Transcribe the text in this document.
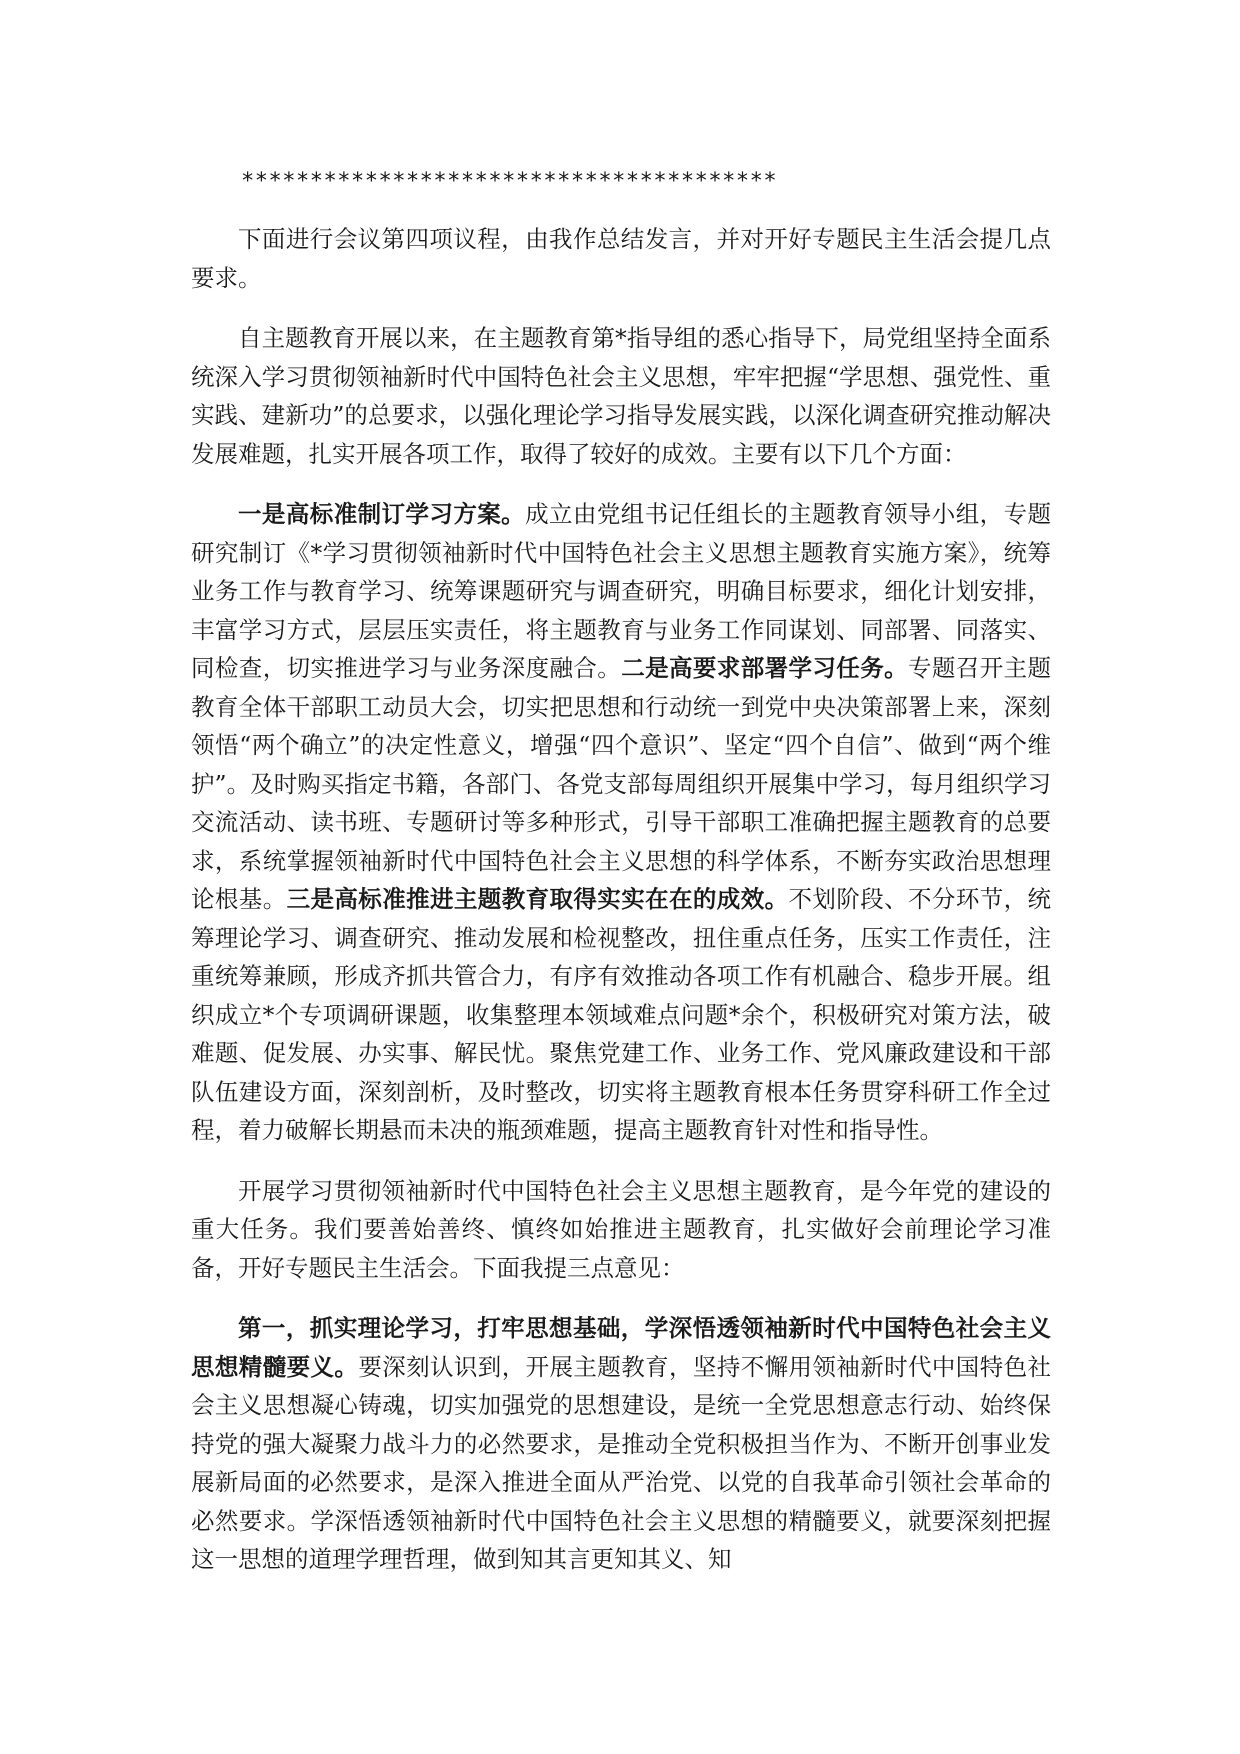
***************************************

下面进行会议第四项议程，由我作总结发言，并对开好专题民主生活会提几点要求。

自主题教育开展以来，在主题教育第*指导组的悉心指导下，局党组坚持全面系统深入学习贯彻领袖新时代中国特色社会主义思想，牢牢把握“学思想、强党性、重实践、建新功”的总要求，以强化理论学习指导发展实践，以深化调查研究推动解决发展难题，扎实开展各项工作，取得了较好的成效。主要有以下几个方面：

一是高标准制订学习方案。成立由党组书记任组长的主题教育领导小组，专题研究制订《*学习贯彻领袖新时代中国特色社会主义思想主题教育实施方案》，统筹业务工作与教育学习、统筹课题研究与调查研究，明确目标要求，细化计划安排，丰富学习方式，层层压实责任，将主题教育与业务工作同谋划、同部署、同落实、同检查，切实推进学习与业务深度融合。二是高要求部署学习任务。专题召开主题教育全体干部职工动员大会，切实把思想和行动统一到党中央决策部署上来，深刻领悟“两个确立”的决定性意义，增强“四个意识”、坚定“四个自信”、做到“两个维护”。及时购买指定书籍，各部门、各党支部每周组织开展集中学习，每月组织学习交流活动、读书班、专题研讨等多种形式，引导干部职工准确把握主题教育的总要求，系统掌握领袖新时代中国特色社会主义思想的科学体系，不断夯实政治思想理论根基。三是高标准推进主题教育取得实实在在的成效。不划阶段、不分环节，统筹理论学习、调查研究、推动发展和检视整改，扭住重点任务，压实工作责任，注重统筹兼顾，形成齐抓共管合力，有序有效推动各项工作有机融合、稳步开展。组织成立*个专项调研课题，收集整理本领域难点问题*余个，积极研究对策方法，破难题、促发展、办实事、解民忧。聚焦党建工作、业务工作、党风廉政建设和干部队伍建设方面，深刻剖析，及时整改，切实将主题教育根本任务贯穿科研工作全过程，着力破解长期悬而未决的瓶颈难题，提高主题教育针对性和指导性。

开展学习贯彻领袖新时代中国特色社会主义思想主题教育，是今年党的建设的重大任务。我们要善始善终、慎终如始推进主题教育，扎实做好会前理论学习准备，开好专题民主生活会。下面我提三点意见：

第一，抓实理论学习，打牢思想基础，学深悟透领袖新时代中国特色社会主义思想精髓要义。要深刻认识到，开展主题教育，坚持不懈用领袖新时代中国特色社会主义思想凝心铸魂，切实加强党的思想建设，是统一全党思想意志行动、始终保持党的强大凝聚力战斗力的必然要求，是推动全党积极担当作为、不断开创事业发展新局面的必然要求，是深入推进全面从严治党、以党的自我革命引领社会革命的必然要求。学深悟透领袖新时代中国特色社会主义思想的精髓要义，就要深刻把握这一思想的道理学理哲理，做到知其言更知其义、知
